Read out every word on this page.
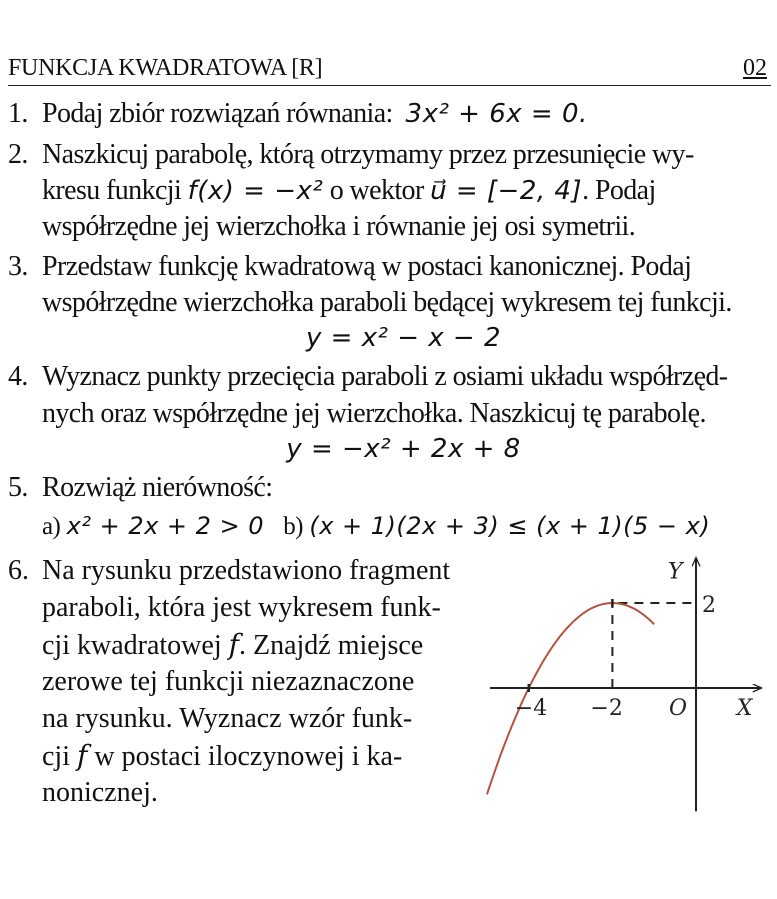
FUNKCJA KWADRATOWA [R]	02
1. Podaj zbiór rozwiązań równania: 3x² + 6x = 0.
2. Naszkicuj parabolę, którą otrzymamy przez przesunięcie wy-
kresu funkcji f(x) = −x² o wektor u⃗ = [−2, 4]. Podaj
współrzędne jej wierzchołka i równanie jej osi symetrii.
3. Przedstaw funkcję kwadratową w postaci kanonicznej. Podaj
współrzędne wierzchołka paraboli będącej wykresem tej funkcji.
y = x² − x − 2
4. Wyznacz punkty przecięcia paraboli z osiami układu współrzęd-
nych oraz współrzędne jej wierzchołka. Naszkicuj tę parabolę.
y = −x² + 2x + 8
5. Rozwiąż nierówność:
a) x² + 2x + 2 > 0 b) (x + 1)(2x + 3) ≤ (x + 1)(5 − x)
6. Na rysunku przedstawiono fragment
paraboli, która jest wykresem funk-
cji kwadratowej f. Znajdź miejsce
zerowe tej funkcji niezaznaczone
na rysunku. Wyznacz wzór funk-
cji f w postaci iloczynowej i ka-
nonicznej.
X
Y
O
−4 −2
2
